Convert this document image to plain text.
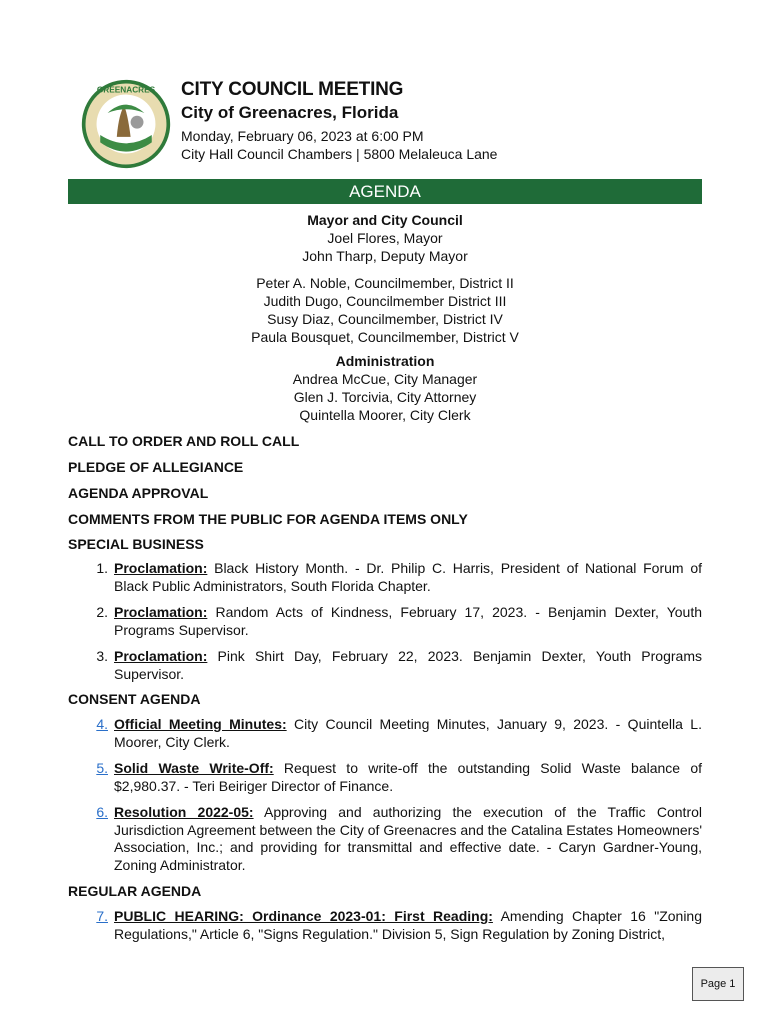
GREENACRES CITY COUNCIL MEETING
City of Greenacres, Florida
Monday, February 06, 2023 at 6:00 PM
City Hall Council Chambers | 5800 Melaleuca Lane
AGENDA
Mayor and City Council
Joel Flores, Mayor
John Tharp, Deputy Mayor
Peter A. Noble, Councilmember, District II
Judith Dugo, Councilmember District III
Susy Diaz, Councilmember, District IV
Paula Bousquet, Councilmember, District V
Administration
Andrea McCue, City Manager
Glen J. Torcivia, City Attorney
Quintella Moorer, City Clerk
CALL TO ORDER AND ROLL CALL
PLEDGE OF ALLEGIANCE
AGENDA APPROVAL
COMMENTS FROM THE PUBLIC FOR AGENDA ITEMS ONLY
SPECIAL BUSINESS
1. Proclamation: Black History Month. - Dr. Philip C. Harris, President of National Forum of Black Public Administrators, South Florida Chapter.
2. Proclamation: Random Acts of Kindness, February 17, 2023. - Benjamin Dexter, Youth Programs Supervisor.
3. Proclamation: Pink Shirt Day, February 22, 2023. Benjamin Dexter, Youth Programs Supervisor.
CONSENT AGENDA
4. Official Meeting Minutes: City Council Meeting Minutes, January 9, 2023. - Quintella L. Moorer, City Clerk.
5. Solid Waste Write-Off: Request to write-off the outstanding Solid Waste balance of $2,980.37. - Teri Beiriger Director of Finance.
6. Resolution 2022-05: Approving and authorizing the execution of the Traffic Control Jurisdiction Agreement between the City of Greenacres and the Catalina Estates Homeowners' Association, Inc.; and providing for transmittal and effective date. - Caryn Gardner-Young, Zoning Administrator.
REGULAR AGENDA
7. PUBLIC HEARING: Ordinance 2023-01: First Reading: Amending Chapter 16 "Zoning Regulations," Article 6, "Signs Regulation." Division 5, Sign Regulation by Zoning District,
Page 1
